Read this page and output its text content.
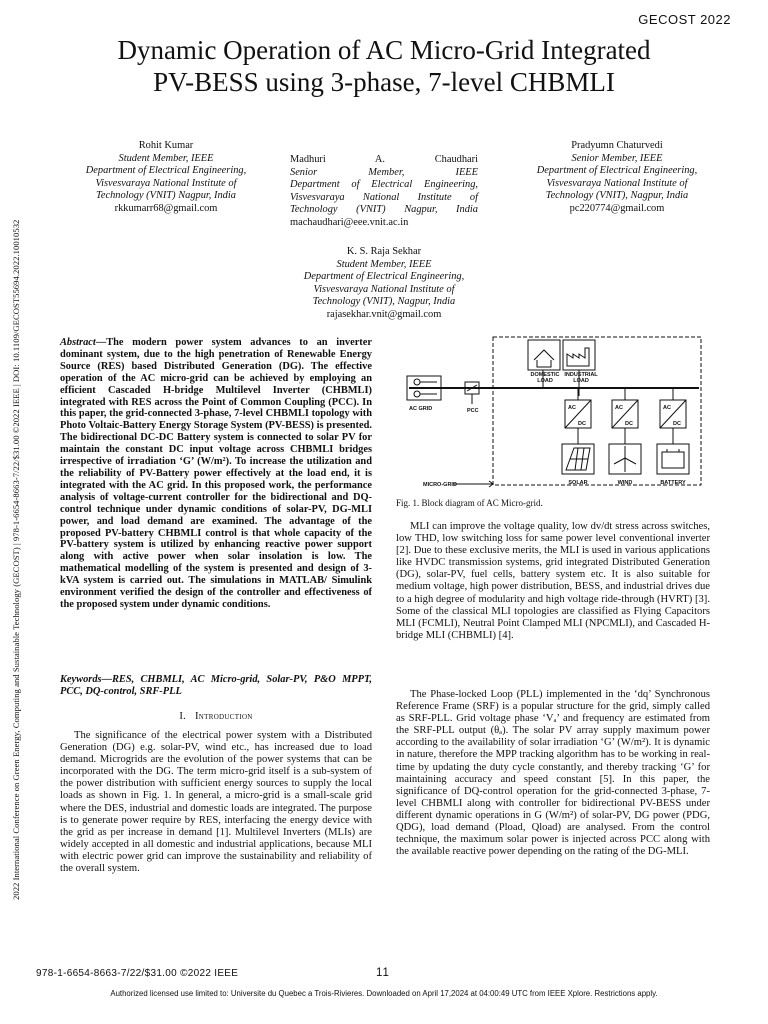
GECOST 2022
Dynamic Operation of AC Micro-Grid Integrated
PV-BESS using 3-phase, 7-level CHBMLI
2022 International Conference on Green Energy, Computing and Sustainable Technology (GECOST) | 978-1-6654-8663-7/22/$31.00 ©2022 IEEE | DOI: 10.1109/GECOST55694.2022.10010532
Rohit Kumar
Student Member, IEEE
Department of Electrical Engineering,
Visvesvaraya National Institute of
Technology (VNIT) Nagpur, India
rkkumarr68@gmail.com
Madhuri A. Chaudhari
Senior Member, IEEE
Department of Electrical Engineering,
Visvesvaraya National Institute of
Technology (VNIT) Nagpur, India
machaudhari@eee.vnit.ac.in
Pradyumn Chaturvedi
Senior Member, IEEE
Department of Electrical Engineering,
Visvesvaraya National Institute of
Technology (VNIT), Nagpur, India
pc220774@gmail.com
K. S. Raja Sekhar
Student Member, IEEE
Department of Electrical Engineering,
Visvesvaraya National Institute of
Technology (VNIT), Nagpur, India
rajasekhar.vnit@gmail.com
Abstract—The modern power system advances to an inverter dominant system, due to the high penetration of Renewable Energy Source (RES) based Distributed Generation (DG). The effective operation of the AC micro-grid can be achieved by employing an efficient Cascaded H-bridge Multilevel Inverter (CHBMLI) integrated with RES across the Point of Common Coupling (PCC). In this paper, the grid-connected 3-phase, 7-level CHBMLI topology with Photo Voltaic-Battery Energy Storage System (PV-BESS) is presented. The bidirectional DC-DC Battery system is connected to solar PV for maintain the constant DC input voltage across CHBMLI bridges irrespective of irradiation ‘G’ (W/m²). To increase the utilization and the reliability of PV-Battery power effectively at the load end, it is integrated with the AC grid. In this proposed work, the performance analysis of voltage-current controller for the bidirectional and DQ-control technique under dynamic conditions of solar-PV, DG-MLI power, and load demand are examined. The advantage of the proposed PV-battery CHBMLI control is that whole capacity of the PV-battery system is utilized by enhancing reactive power support along with active power when solar insolation is low. The mathematical modelling of the system is presented and design of 3-kVA system is carried out. The simulations in MATLAB/ Simulink environment verified the design of the controller and effectiveness of the proposed system under dynamic conditions.
Keywords—RES, CHBMLI, AC Micro-grid, Solar-PV, P&O MPPT, PCC, DQ-control, SRF-PLL
I. Introduction

The significance of the electrical power system with a Distributed Generation (DG) e.g. solar-PV, wind etc., has increased due to load demand. Microgrids are the evolution of the power systems that can be incorporated with the DG. The term micro-grid itself is a sub-system of the power distribution with sufficient energy sources to supply the local loads as shown in Fig. 1. In general, a micro-grid is a small-scale grid where the DES, industrial and domestic loads are integrated. The purpose is to generate power require by RES, interfacing the energy device with the grid as per increase in demand [1]. Multilevel Inverters (MLIs) are widely accepted in all domestic and industrial applications, because MLI with electric power grid can improve the sustainability and reliability of the overall system.

DOMESTIC
LOAD
INDUSTRIAL
LOAD
AC GRID	PCC
MICRO-GRID
AC
DC
AC
DC
AC
DC
SOLAR	WIND	BATTERY
Fig. 1. Block diagram of AC Micro-grid.

MLI can improve the voltage quality, low dv/dt stress across switches, low THD, low switching loss for same power level conventional inverter [2]. Due to these exclusive merits, the MLI is used in various applications like HVDC transmission systems, grid integrated Distributed Generation (DG), solar-PV, fuel cells, battery system etc. It is also suitable for medium voltage, high power distribution, BESS, and industrial drives due to a high degree of modularity and high voltage ride-through (HVRT) [3]. Some of the classical MLI topologies are classified as Flying Capacitors MLI (FCMLI), Neutral Point Clamped MLI (NPCMLI), and Cascaded H-bridge MLI (CHBMLI) [4].

The Phase-locked Loop (PLL) implemented in the ‘dq’ Synchronous Reference Frame (SRF) is a popular structure for the grid, simply called as SRF-PLL. Grid voltage phase ‘Vₐ’ and frequency are estimated from the SRF-PLL output (θₐ). The solar PV array supply maximum power according to the availability of solar irradiation ‘G’ (W/m²). It is dynamic in nature, therefore the MPP tracking algorithm has to be working in real-time by updating the duty cycle constantly, and thereby tracking ‘G’ for maintaining accuracy and speed constant [5]. In this paper, the significance of DQ-control operation for the grid-connected 3-phase, 7-level CHBMLI along with controller for bidirectional PV-BESS under different dynamic operations in G (W/m²) of solar-PV, DG power (PDG, QDG), load demand (Pload, Qload) are analysed. From the control technique, the maximum solar power is injected across PCC along with the available reactive power depending on the rating of the DG-MLI.

978-1-6654-8663-7/22/$31.00 ©2022 IEEE	11
Authorized licensed use limited to: Universite du Quebec a Trois-Rivieres. Downloaded on April 17,2024 at 04:00:49 UTC from IEEE Xplore. Restrictions apply.
